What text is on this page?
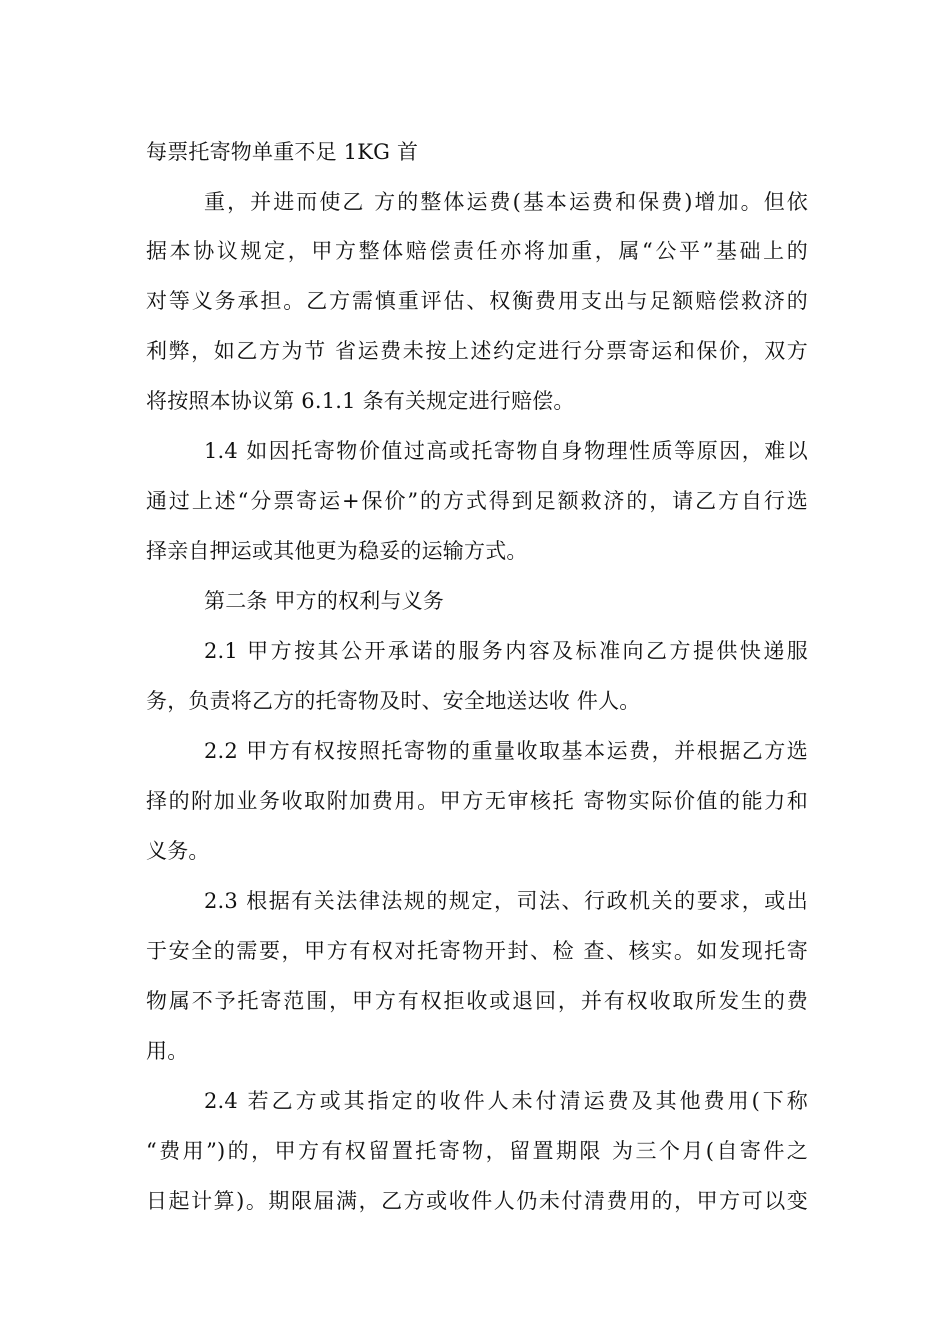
每票托寄物单重不足 1KG 首
重，并进而使乙 方的整体运费(基本运费和保费)增加。但依
据本协议规定，甲方整体赔偿责任亦将加重，属“公平”基础上的
对等义务承担。乙方需慎重评估、权衡费用支出与足额赔偿救济的
利弊，如乙方为节 省运费未按上述约定进行分票寄运和保价，双方
将按照本协议第 6.1.1 条有关规定进行赔偿。
1.4 如因托寄物价值过高或托寄物自身物理性质等原因，难以
通过上述“分票寄运+保价”的方式得到足额救济的，请乙方自行选
择亲自押运或其他更为稳妥的运输方式。
第二条 甲方的权利与义务
2.1 甲方按其公开承诺的服务内容及标准向乙方提供快递服
务，负责将乙方的托寄物及时、安全地送达收 件人。
2.2 甲方有权按照托寄物的重量收取基本运费，并根据乙方选
择的附加业务收取附加费用。甲方无审核托 寄物实际价值的能力和
义务。
2.3 根据有关法律法规的规定，司法、行政机关的要求，或出
于安全的需要，甲方有权对托寄物开封、检 查、核实。如发现托寄
物属不予托寄范围，甲方有权拒收或退回，并有权收取所发生的费
用。
2.4 若乙方或其指定的收件人未付清运费及其他费用(下称
“费用”)的，甲方有权留置托寄物，留置期限 为三个月(自寄件之
日起计算)。期限届满，乙方或收件人仍未付清费用的，甲方可以变
